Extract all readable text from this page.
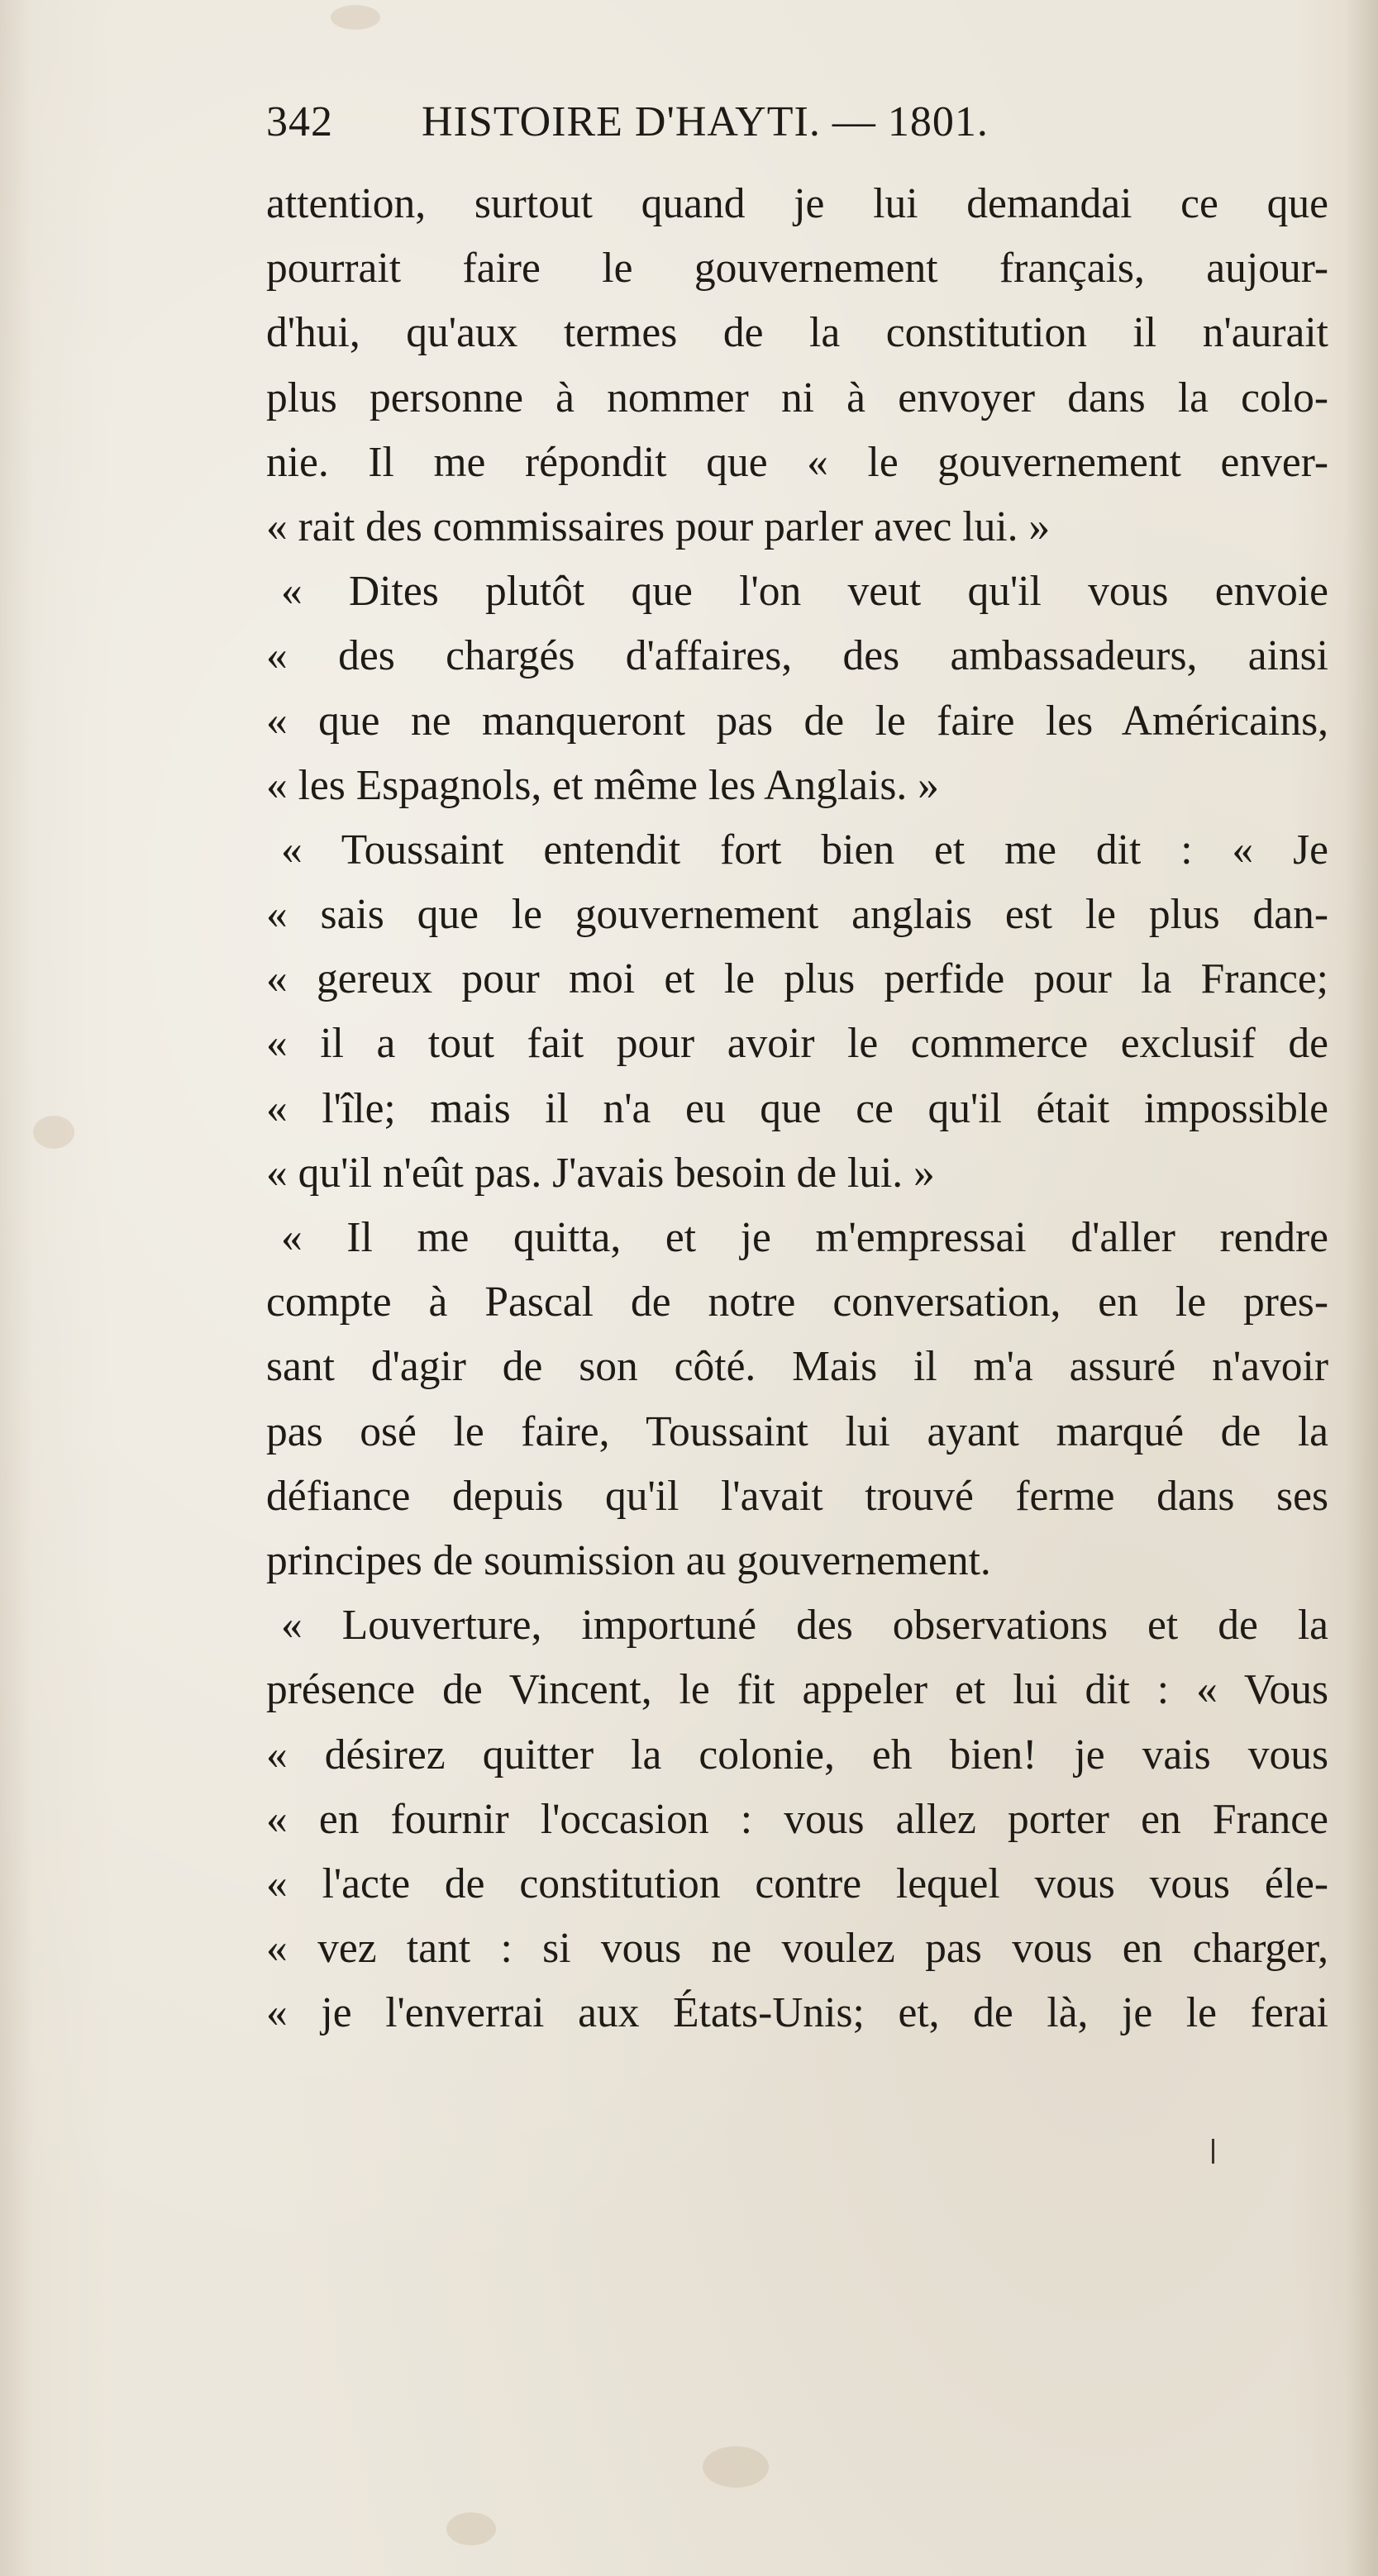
342 HISTOIRE D'HAYTI. — 1801.
attention, surtout quand je lui demandai ce que
pourrait faire le gouvernement français, aujour-
d'hui, qu'aux termes de la constitution il n'aurait
plus personne à nommer ni à envoyer dans la colo-
nie. Il me répondit que « le gouvernement enver-
« rait des commissaires pour parler avec lui. »
« Dites plutôt que l'on veut qu'il vous envoie
« des chargés d'affaires, des ambassadeurs, ainsi
« que ne manqueront pas de le faire les Américains,
« les Espagnols, et même les Anglais. »
« Toussaint entendit fort bien et me dit : « Je
« sais que le gouvernement anglais est le plus dan-
« gereux pour moi et le plus perfide pour la France;
« il a tout fait pour avoir le commerce exclusif de
« l'île; mais il n'a eu que ce qu'il était impossible
« qu'il n'eût pas. J'avais besoin de lui. »
« Il me quitta, et je m'empressai d'aller rendre
compte à Pascal de notre conversation, en le pres-
sant d'agir de son côté. Mais il m'a assuré n'avoir
pas osé le faire, Toussaint lui ayant marqué de la
défiance depuis qu'il l'avait trouvé ferme dans ses
principes de soumission au gouvernement.
« Louverture, importuné des observations et de la
présence de Vincent, le fit appeler et lui dit : « Vous
« désirez quitter la colonie, eh bien! je vais vous
« en fournir l'occasion : vous allez porter en France
« l'acte de constitution contre lequel vous vous éle-
« vez tant : si vous ne voulez pas vous en charger,
« je l'enverrai aux États-Unis; et, de là, je le ferai
